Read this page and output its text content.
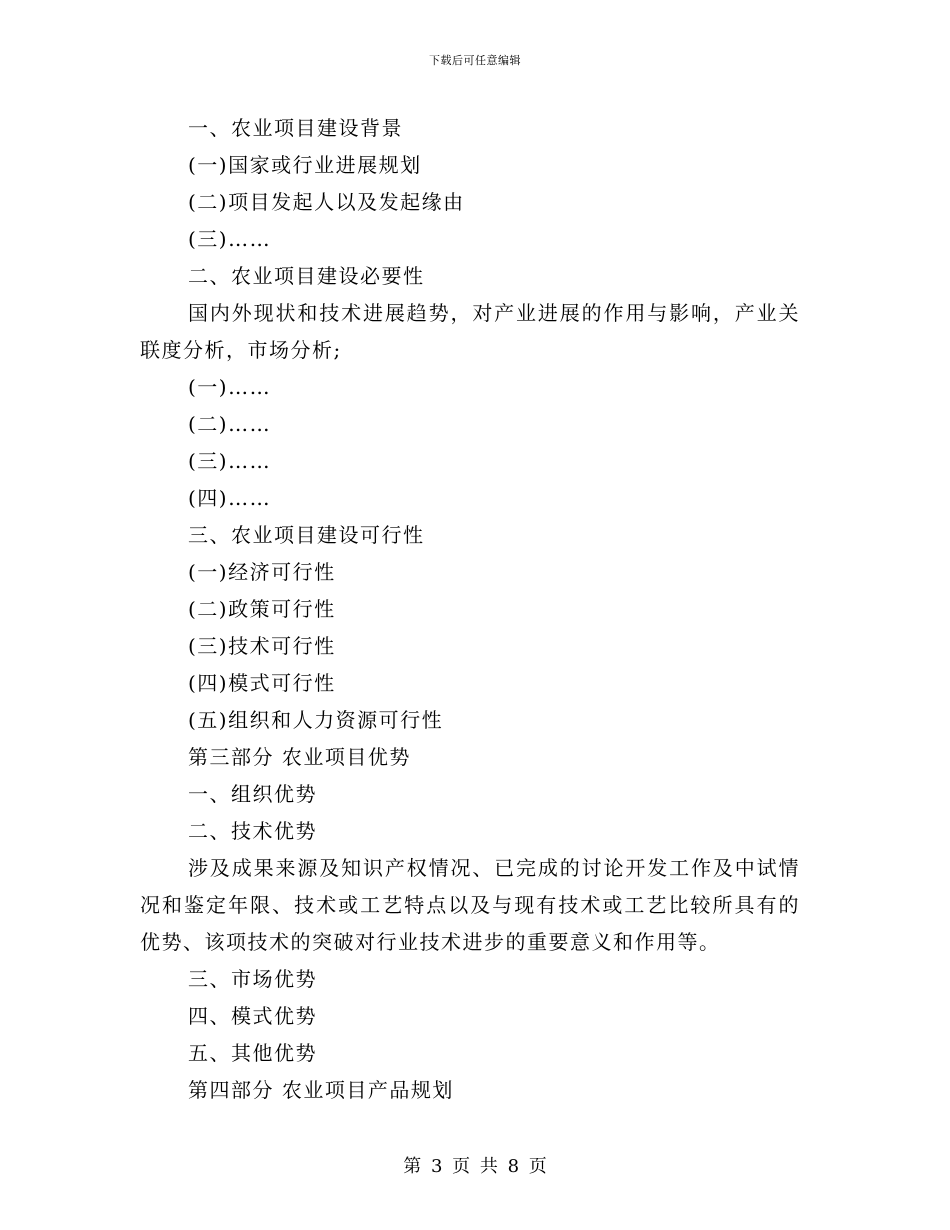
下载后可任意编辑

一、农业项目建设背景

(一)国家或行业进展规划

(二)项目发起人以及发起缘由

(三)……

二、农业项目建设必要性

国内外现状和技术进展趋势，对产业进展的作用与影响，产业关联度分析，市场分析;

(一)……

(二)……

(三)……

(四)……

三、农业项目建设可行性

(一)经济可行性

(二)政策可行性

(三)技术可行性

(四)模式可行性

(五)组织和人力资源可行性

第三部分 农业项目优势

一、组织优势

二、技术优势

涉及成果来源及知识产权情况、已完成的讨论开发工作及中试情况和鉴定年限、技术或工艺特点以及与现有技术或工艺比较所具有的优势、该项技术的突破对行业技术进步的重要意义和作用等。

三、市场优势

四、模式优势

五、其他优势

第四部分 农业项目产品规划

第 3 页 共 8 页
